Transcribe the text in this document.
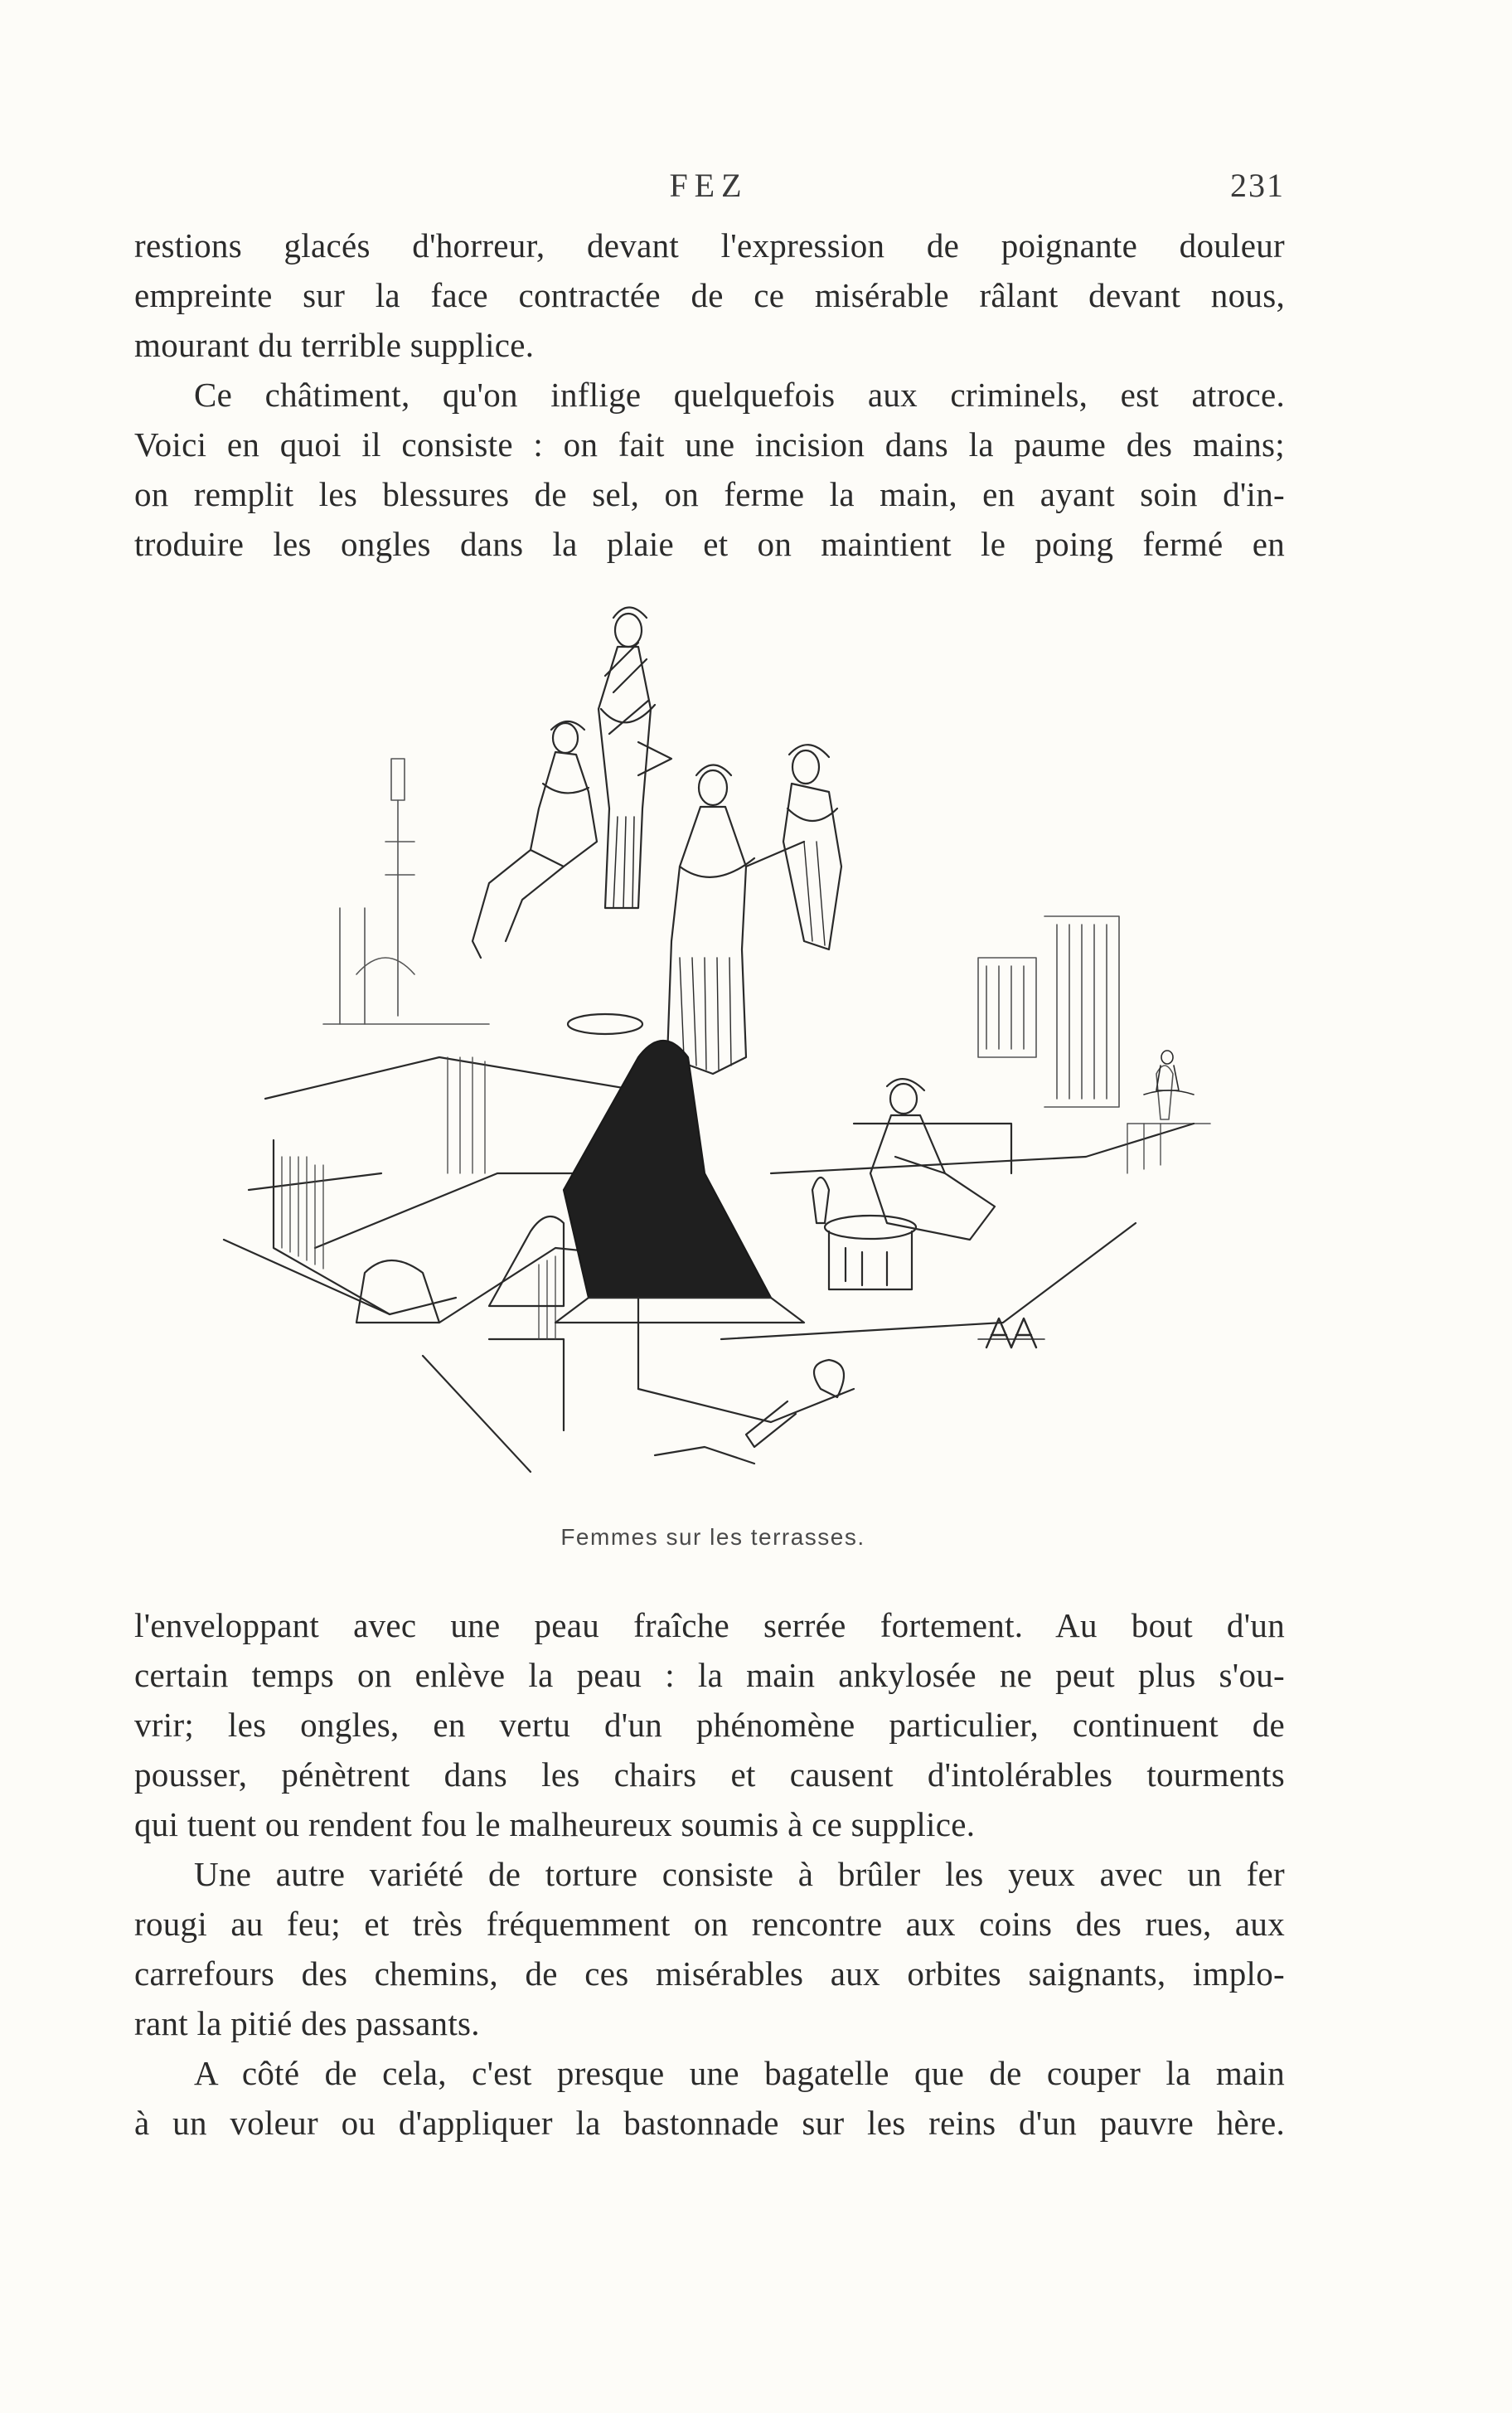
FEZ	231
restions glacés d'horreur, devant l'expression de poignante douleur
empreinte sur la face contractée de ce misérable râlant devant nous,
mourant du terrible supplice.
Ce châtiment, qu'on inflige quelquefois aux criminels, est atroce.
Voici en quoi il consiste : on fait une incision dans la paume des mains;
on remplit les blessures de sel, on ferme la main, en ayant soin d'in-
troduire les ongles dans la plaie et on maintient le poing fermé en
Femmes sur les terrasses.
l'enveloppant avec une peau fraîche serrée fortement. Au bout d'un
certain temps on enlève la peau : la main ankylosée ne peut plus s'ou-
vrir; les ongles, en vertu d'un phénomène particulier, continuent de
pousser, pénètrent dans les chairs et causent d'intolérables tourments
qui tuent ou rendent fou le malheureux soumis à ce supplice.
Une autre variété de torture consiste à brûler les yeux avec un fer
rougi au feu; et très fréquemment on rencontre aux coins des rues, aux
carrefours des chemins, de ces misérables aux orbites saignants, implo-
rant la pitié des passants.
A côté de cela, c'est presque une bagatelle que de couper la main
à un voleur ou d'appliquer la bastonnade sur les reins d'un pauvre hère.
